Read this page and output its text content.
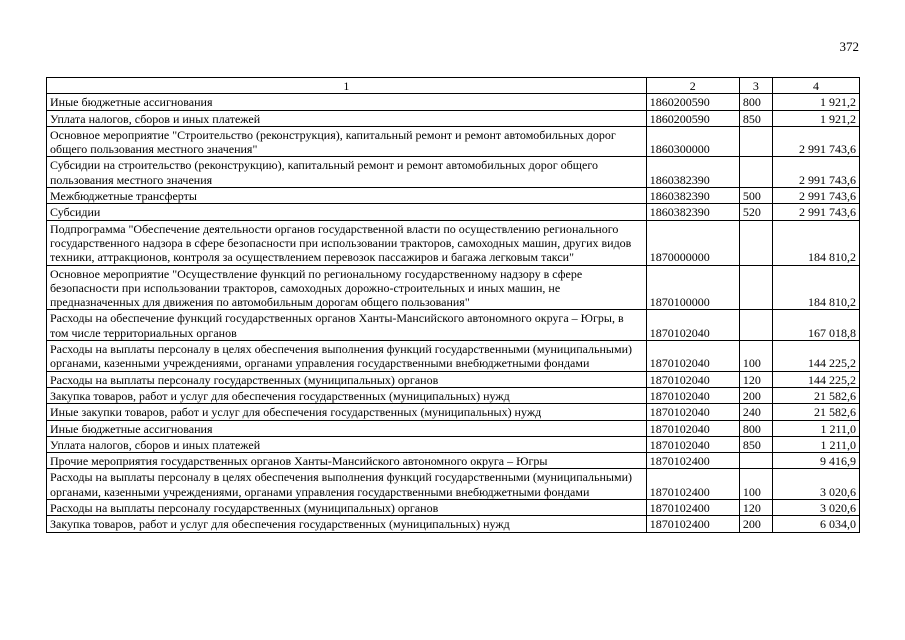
372
1	2	3	4
Иные бюджетные ассигнования	1860200590	800	1 921,2
Уплата налогов, сборов и иных платежей	1860200590	850	1 921,2
Основное мероприятие "Строительство (реконструкция), капитальный ремонт и ремонт автомобильных дорог общего пользования местного значения"	1860300000		2 991 743,6
Субсидии на строительство (реконструкцию), капитальный ремонт и ремонт автомобильных дорог общего пользования местного значения	1860382390		2 991 743,6
Межбюджетные трансферты	1860382390	500	2 991 743,6
Субсидии	1860382390	520	2 991 743,6
Подпрограмма "Обеспечение деятельности органов государственной власти по осуществлению регионального государственного надзора в сфере безопасности при использовании тракторов, самоходных машин, других видов техники, аттракционов, контроля за осуществлением перевозок пассажиров и багажа легковым такси"	1870000000		184 810,2
Основное мероприятие "Осуществление функций по региональному государственному надзору в сфере безопасности при использовании тракторов, самоходных дорожно-строительных и иных машин, не предназначенных для движения по автомобильным дорогам общего пользования"	1870100000		184 810,2
Расходы на обеспечение функций государственных органов Ханты-Мансийского автономного округа – Югры, в том числе территориальных органов	1870102040		167 018,8
Расходы на выплаты персоналу в целях обеспечения выполнения функций государственными (муниципальными) органами, казенными учреждениями, органами управления государственными внебюджетными фондами	1870102040	100	144 225,2
Расходы на выплаты персоналу государственных (муниципальных) органов	1870102040	120	144 225,2
Закупка товаров, работ и услуг для обеспечения государственных (муниципальных) нужд	1870102040	200	21 582,6
Иные закупки товаров, работ и услуг для обеспечения государственных (муниципальных) нужд	1870102040	240	21 582,6
Иные бюджетные ассигнования	1870102040	800	1 211,0
Уплата налогов, сборов и иных платежей	1870102040	850	1 211,0
Прочие мероприятия государственных органов Ханты-Мансийского автономного округа – Югры	1870102400		9 416,9
Расходы на выплаты персоналу в целях обеспечения выполнения функций государственными (муниципальными) органами, казенными учреждениями, органами управления государственными внебюджетными фондами	1870102400	100	3 020,6
Расходы на выплаты персоналу государственных (муниципальных) органов	1870102400	120	3 020,6
Закупка товаров, работ и услуг для обеспечения государственных (муниципальных) нужд	1870102400	200	6 034,0
